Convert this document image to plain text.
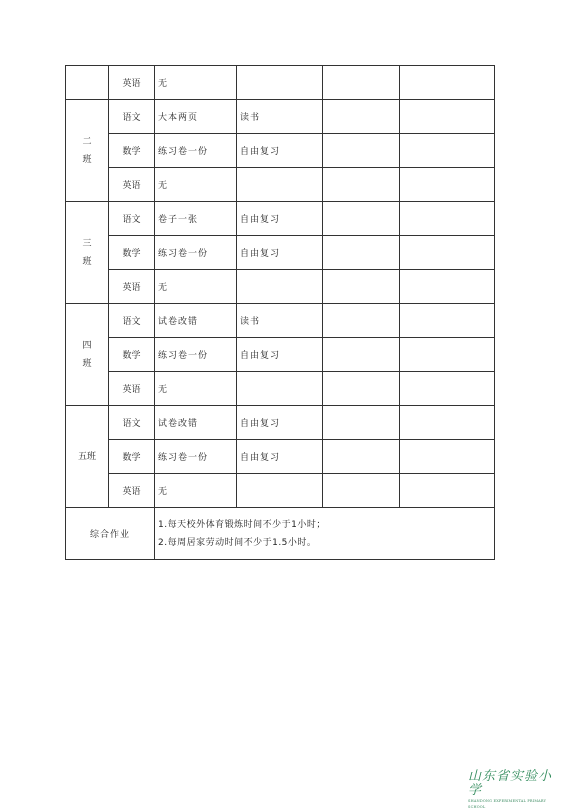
	英语	无			

二
班	语文	大本两页	读书		
	数学	练习卷一份	自由复习		
	英语	无			

三
班	语文	卷子一张	自由复习		
	数学	练习卷一份	自由复习		
	英语	无			

四
班	语文	试卷改错	读书		
	数学	练习卷一份	自由复习		
	英语	无			

五班	语文	试卷改错	自由复习		
	数学	练习卷一份	自由复习		
	英语	无			
综合作业		1.每天校外体育锻炼时间不少于1小时；
2.每周居家劳动时间不少于1.5小时。			
山东省实验小学
SHANDONG EXPERIMENTAL PRIMARY SCHOOL
